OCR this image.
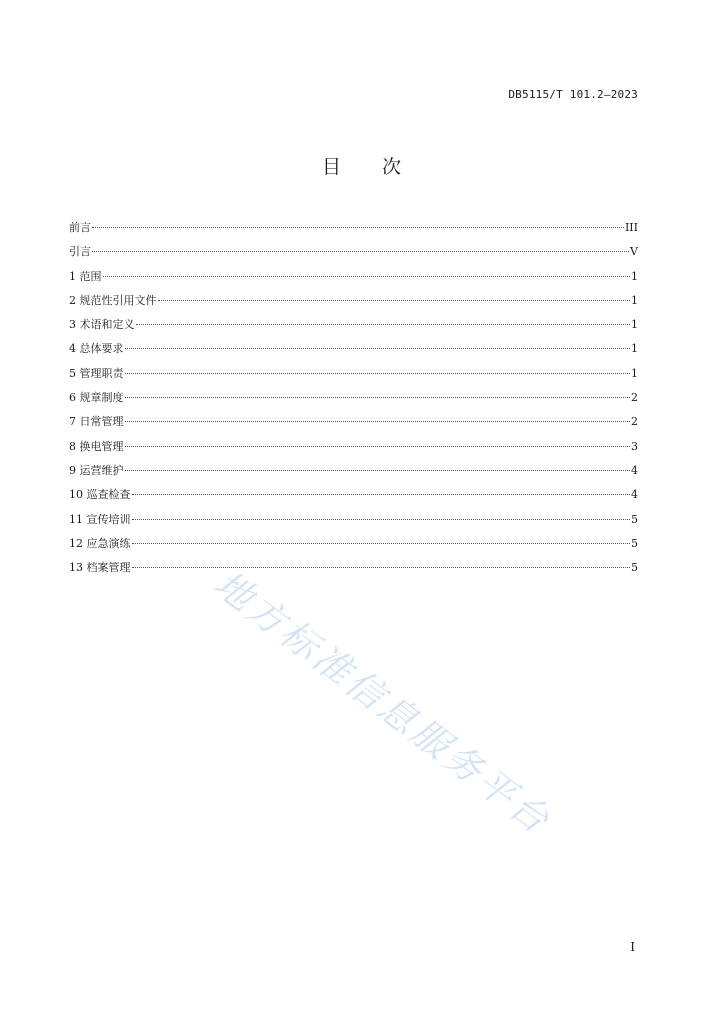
DB5115/T 101.2—2023
目 次
前言	III
引言	V
1 范围	1
2 规范性引用文件	1
3 术语和定义	1
4 总体要求	1
5 管理职责	1
6 规章制度	2
7 日常管理	2
8 换电管理	3
9 运营维护	4
10 巡查检查	4
11 宣传培训	5
12 应急演练	5
13 档案管理	5
地方标准信息服务平台
I
